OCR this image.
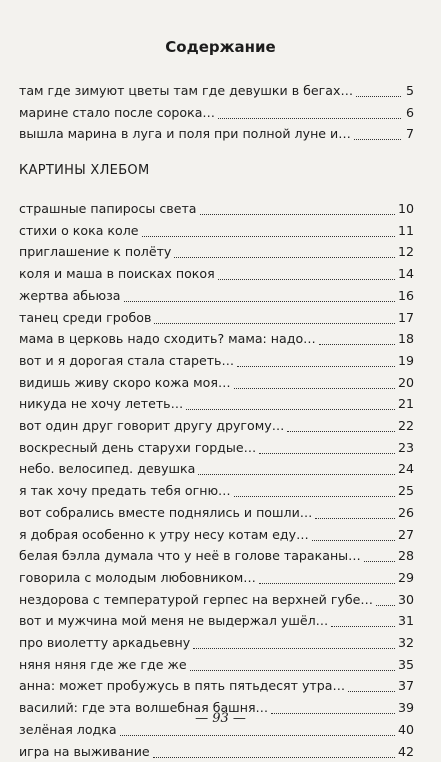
Содержание
там где зимуют цветы там где девушки в бегах…	5
марине стало после сорока…	6
вышла марина в луга и поля при полной луне и…	7
КАРТИНЫ ХЛЕБОМ
страшные папиросы света	10
стихи о кока коле	11
приглашение к полёту	12
коля и маша в поисках покоя	14
жертва абьюза	16
танец среди гробов	17
мама в церковь надо сходить? мама: надо…	18
вот и я дорогая стала стареть…	19
видишь живу скоро кожа моя…	20
никуда не хочу лететь…	21
вот один друг говорит другу другому…	22
воскресный день старухи гордые…	23
небо. велосипед. девушка	24
я так хочу предать тебя огню…	25
вот собрались вместе поднялись и пошли…	26
я добрая особенно к утру несу котам еду…	27
белая бэлла думала что у неё в голове тараканы…	28
говорила с молодым любовником…	29
нездорова с температурой герпес на верхней губе… 30
вот и мужчина мой меня не выдержал ушёл…	31
про виолетту аркадьевну	32
няня няня где же где же	35
анна: может пробужусь в пять пятьдесят утра…	37
василий: где эта волшебная башня…	39
зелёная лодка	40
игра на выживание	42
— 93 —
